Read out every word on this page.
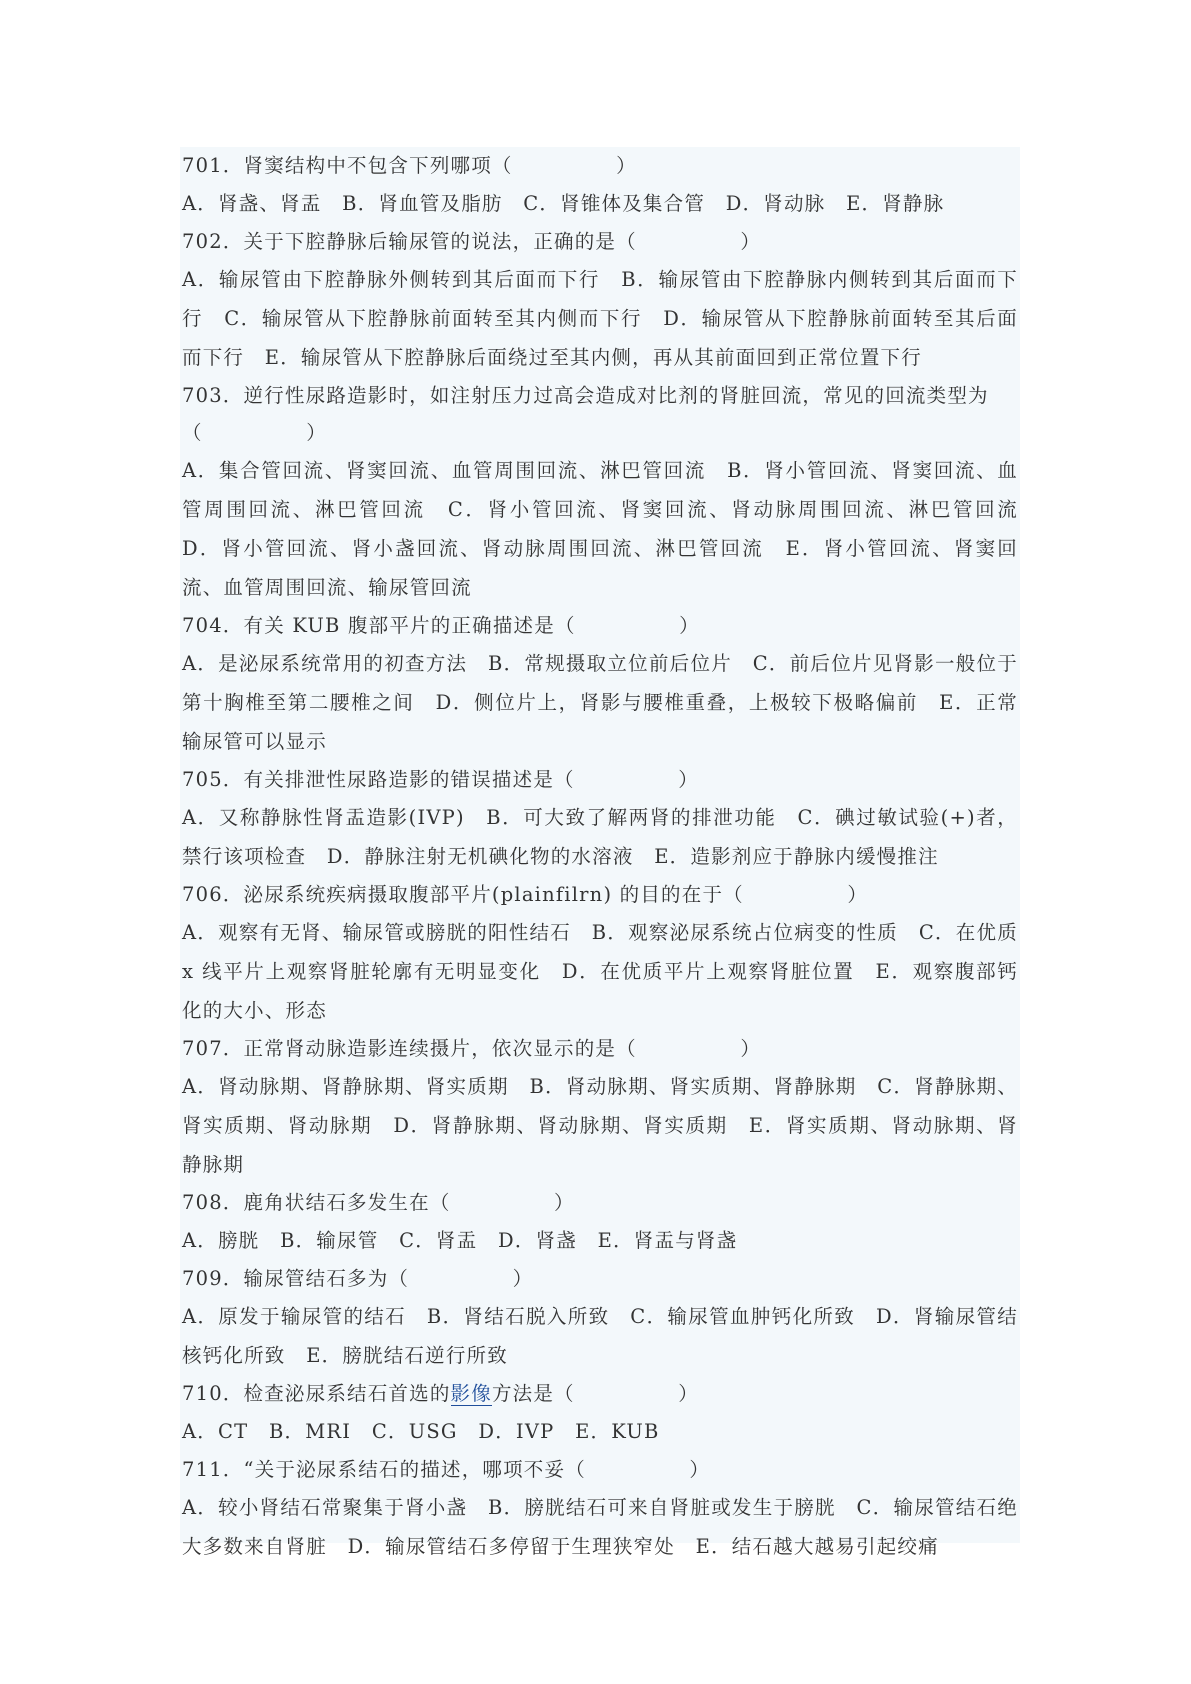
701．肾窦结构中不包含下列哪项（　　　　　）

A．肾盏、肾盂　B．肾血管及脂肪　C．肾锥体及集合管　D．肾动脉　E．肾静脉

702．关于下腔静脉后输尿管的说法，正确的是（　　　　　）

A．输尿管由下腔静脉外侧转到其后面而下行　B．输尿管由下腔静脉内侧转到其后面而下行　C．输尿管从下腔静脉前面转至其内侧而下行　D．输尿管从下腔静脉前面转至其后面而下行　E．输尿管从下腔静脉后面绕过至其内侧，再从其前面回到正常位置下行

703．逆行性尿路造影时，如注射压力过高会造成对比剂的肾脏回流，常见的回流类型为（　　　　　）

A．集合管回流、肾窦回流、血管周围回流、淋巴管回流　B．肾小管回流、肾窦回流、血管周围回流、淋巴管回流　C．肾小管回流、肾窦回流、肾动脉周围回流、淋巴管回流　D．肾小管回流、肾小盏回流、肾动脉周围回流、淋巴管回流　E．肾小管回流、肾窦回流、血管周围回流、输尿管回流

704．有关 KUB 腹部平片的正确描述是（　　　　　）

A．是泌尿系统常用的初查方法　B．常规摄取立位前后位片　C．前后位片见肾影一般位于第十胸椎至第二腰椎之间　D．侧位片上，肾影与腰椎重叠，上极较下极略偏前　E．正常输尿管可以显示

705．有关排泄性尿路造影的错误描述是（　　　　　）

A．又称静脉性肾盂造影(IVP)　B．可大致了解两肾的排泄功能　C．碘过敏试验(+)者，禁行该项检查　D．静脉注射无机碘化物的水溶液　E．造影剂应于静脉内缓慢推注

706．泌尿系统疾病摄取腹部平片(plainfilrn) 的目的在于（　　　　　）

A．观察有无肾、输尿管或膀胱的阳性结石　B．观察泌尿系统占位病变的性质　C．在优质 x 线平片上观察肾脏轮廓有无明显变化　D．在优质平片上观察肾脏位置　E．观察腹部钙化的大小、形态

707．正常肾动脉造影连续摄片，依次显示的是（　　　　　）

A．肾动脉期、肾静脉期、肾实质期　B．肾动脉期、肾实质期、肾静脉期　C．肾静脉期、肾实质期、肾动脉期　D．肾静脉期、肾动脉期、肾实质期　E．肾实质期、肾动脉期、肾静脉期

708．鹿角状结石多发生在（　　　　　）

A．膀胱　B．输尿管　C．肾盂　D．肾盏　E．肾盂与肾盏

709．输尿管结石多为（　　　　　）

A．原发于输尿管的结石　B．肾结石脱入所致　C．输尿管血肿钙化所致　D．肾输尿管结核钙化所致　E．膀胱结石逆行所致

710．检查泌尿系结石首选的影像方法是（　　　　　）

A．CT　B．MRI　C．USG　D．IVP　E．KUB

711．“关于泌尿系结石的描述，哪项不妥（　　　　　）

A．较小肾结石常聚集于肾小盏　B．膀胱结石可来自肾脏或发生于膀胱　C．输尿管结石绝大多数来自肾脏　D．输尿管结石多停留于生理狭窄处　E．结石越大越易引起绞痛
